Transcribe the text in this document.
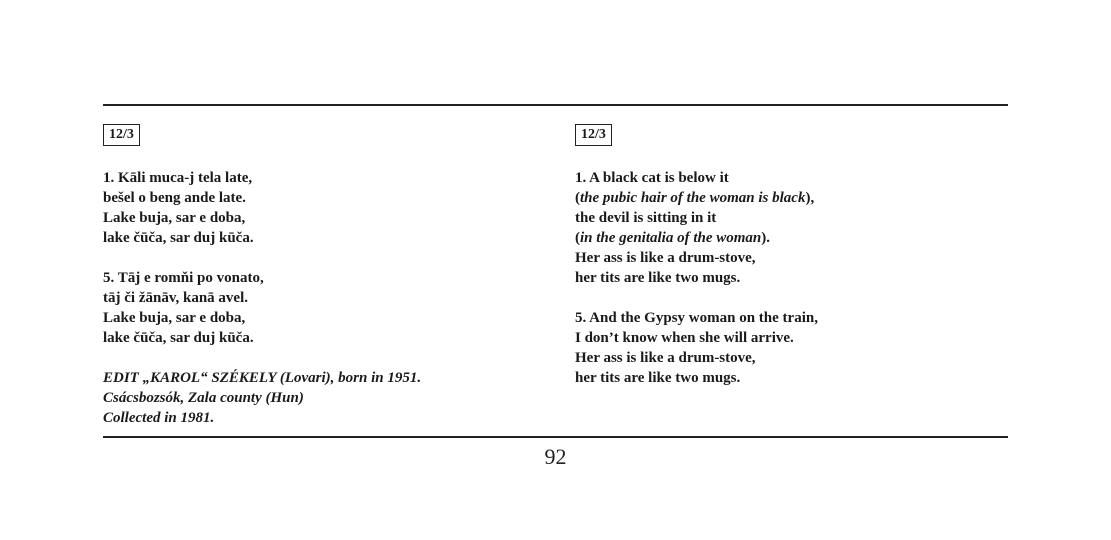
12/3
1. Kāli muca-j tela late,
bešel o beng ande late.
Lake buja, sar e doba,
lake čūča, sar duj kūča.
5. Tāj e romňi po vonato,
tāj či žānāv, kanā avel.
Lake buja, sar e doba,
lake čūča, sar duj kūča.
EDIT „KAROL“ SZÉKELY (Lovari), born in 1951.
Csácsbozsók, Zala county (Hun)
Collected in 1981.
12/3
1. A black cat is below it
(the pubic hair of the woman is black),
the devil is sitting in it
(in the genitalia of the woman).
Her ass is like a drum-stove,
her tits are like two mugs.
5. And the Gypsy woman on the train,
I don’t know when she will arrive.
Her ass is like a drum-stove,
her tits are like two mugs.
92
